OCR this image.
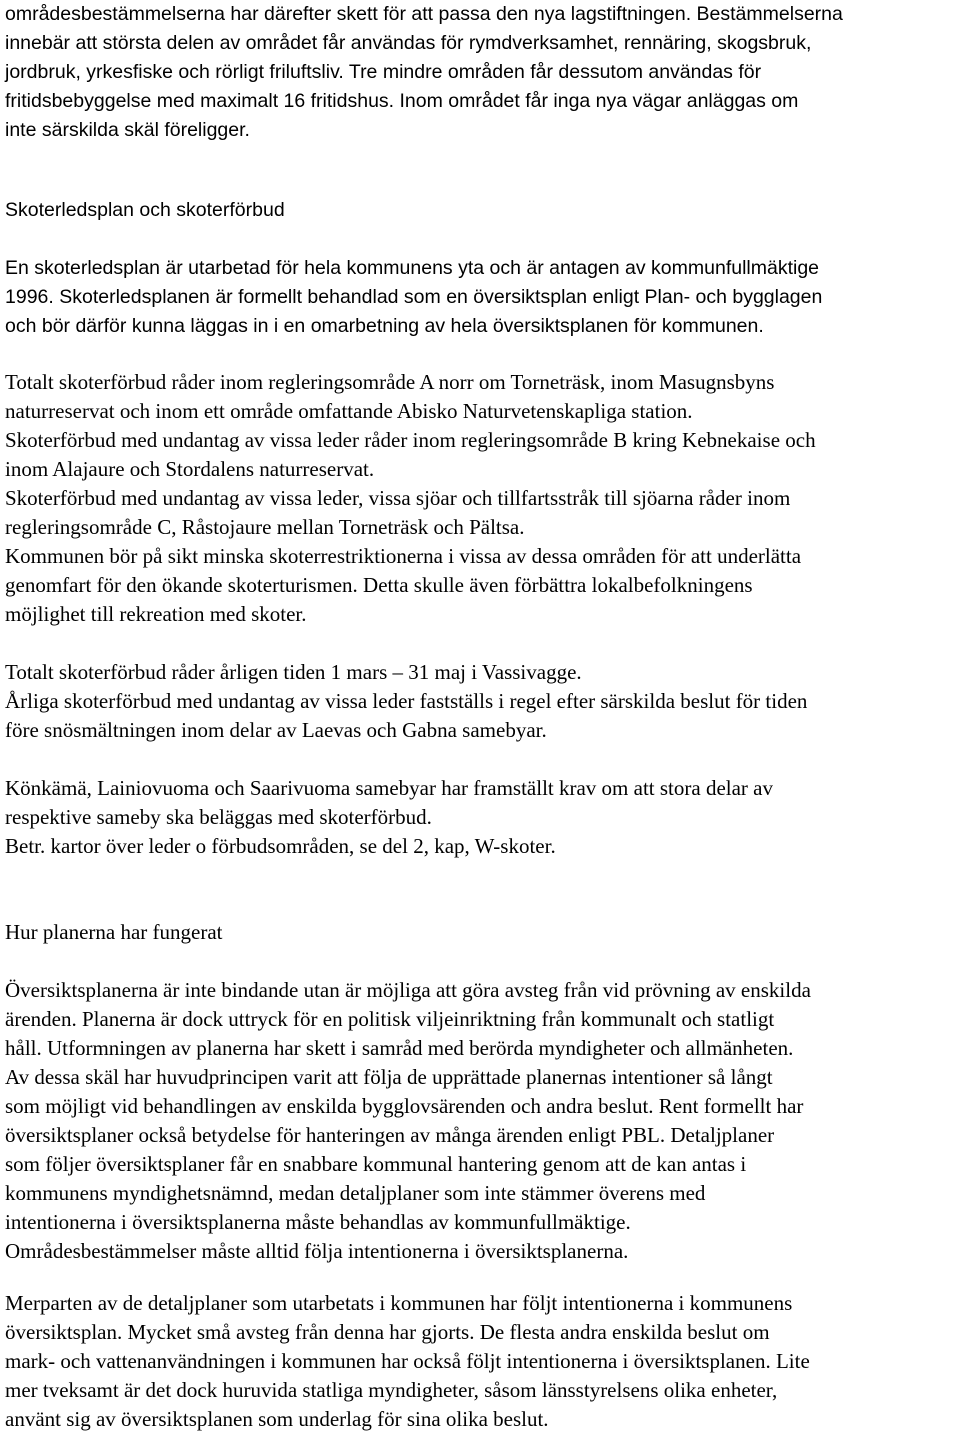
områdesbestämmelserna har därefter skett för att passa den nya lagstiftningen. Bestämmelserna
innebär att största delen av området får användas för rymdverksamhet, rennäring, skogsbruk,
jordbruk, yrkesfiske och rörligt friluftsliv. Tre mindre områden får dessutom användas för
fritidsbebyggelse med maximalt 16 fritidshus. Inom området får inga nya vägar anläggas om
inte särskilda skäl föreligger.

Skoterledsplan och skoterförbud

En skoterledsplan är utarbetad för hela kommunens yta och är antagen av kommunfullmäktige
1996. Skoterledsplanen är formellt behandlad som en översiktsplan enligt Plan- och bygglagen
och bör därför kunna läggas in i en omarbetning av hela översiktsplanen för kommunen.

Totalt skoterförbud råder inom regleringsområde A norr om Torneträsk, inom Masugnsbyns
naturreservat och inom ett område omfattande Abisko Naturvetenskapliga station.
Skoterförbud med undantag av vissa leder råder inom regleringsområde B kring Kebnekaise och
inom Alajaure och Stordalens naturreservat.
Skoterförbud med undantag av vissa leder, vissa sjöar och tillfartsstråk till sjöarna råder inom
regleringsområde C, Råstojaure mellan Torneträsk och Pältsa.
Kommunen bör på sikt minska skoterrestriktionerna i vissa av dessa områden för att underlätta
genomfart för den ökande skoterturismen. Detta skulle även förbättra lokalbefolkningens
möjlighet till rekreation med skoter.

Totalt skoterförbud råder årligen tiden 1 mars – 31 maj i Vassivagge.
Årliga skoterförbud med undantag av vissa leder fastställs i regel efter särskilda beslut för tiden
före snösmältningen inom delar av Laevas och Gabna samebyar.

Könkämä, Lainiovuoma och Saarivuoma samebyar har framställt krav om att stora delar av
respektive sameby ska beläggas med skoterförbud.
Betr. kartor över leder o förbudsområden, se del 2, kap, W-skoter.

Hur planerna har fungerat

Översiktsplanerna är inte bindande utan är möjliga att göra avsteg från vid prövning av enskilda
ärenden. Planerna är dock uttryck för en politisk viljeinriktning från kommunalt och statligt
håll. Utformningen av planerna har skett i samråd med berörda myndigheter och allmänheten.
Av dessa skäl har huvudprincipen varit att följa de upprättade planernas intentioner så långt
som möjligt vid behandlingen av enskilda bygglovsärenden och andra beslut. Rent formellt har
översiktsplaner också betydelse för hanteringen av många ärenden enligt PBL. Detaljplaner
som följer översiktsplaner får en snabbare kommunal hantering genom att de kan antas i
kommunens myndighetsnämnd, medan detaljplaner som inte stämmer överens med
intentionerna i översiktsplanerna måste behandlas av kommunfullmäktige.
Områdesbestämmelser måste alltid följa intentionerna i översiktsplanerna.

Merparten av de detaljplaner som utarbetats i kommunen har följt intentionerna i kommunens
översiktsplan. Mycket små avsteg från denna har gjorts. De flesta andra enskilda beslut om
mark- och vattenanvändningen i kommunen har också följt intentionerna i översiktsplanen. Lite
mer tveksamt är det dock huruvida statliga myndigheter, såsom länsstyrelsens olika enheter,
använt sig av översiktsplanen som underlag för sina olika beslut.
